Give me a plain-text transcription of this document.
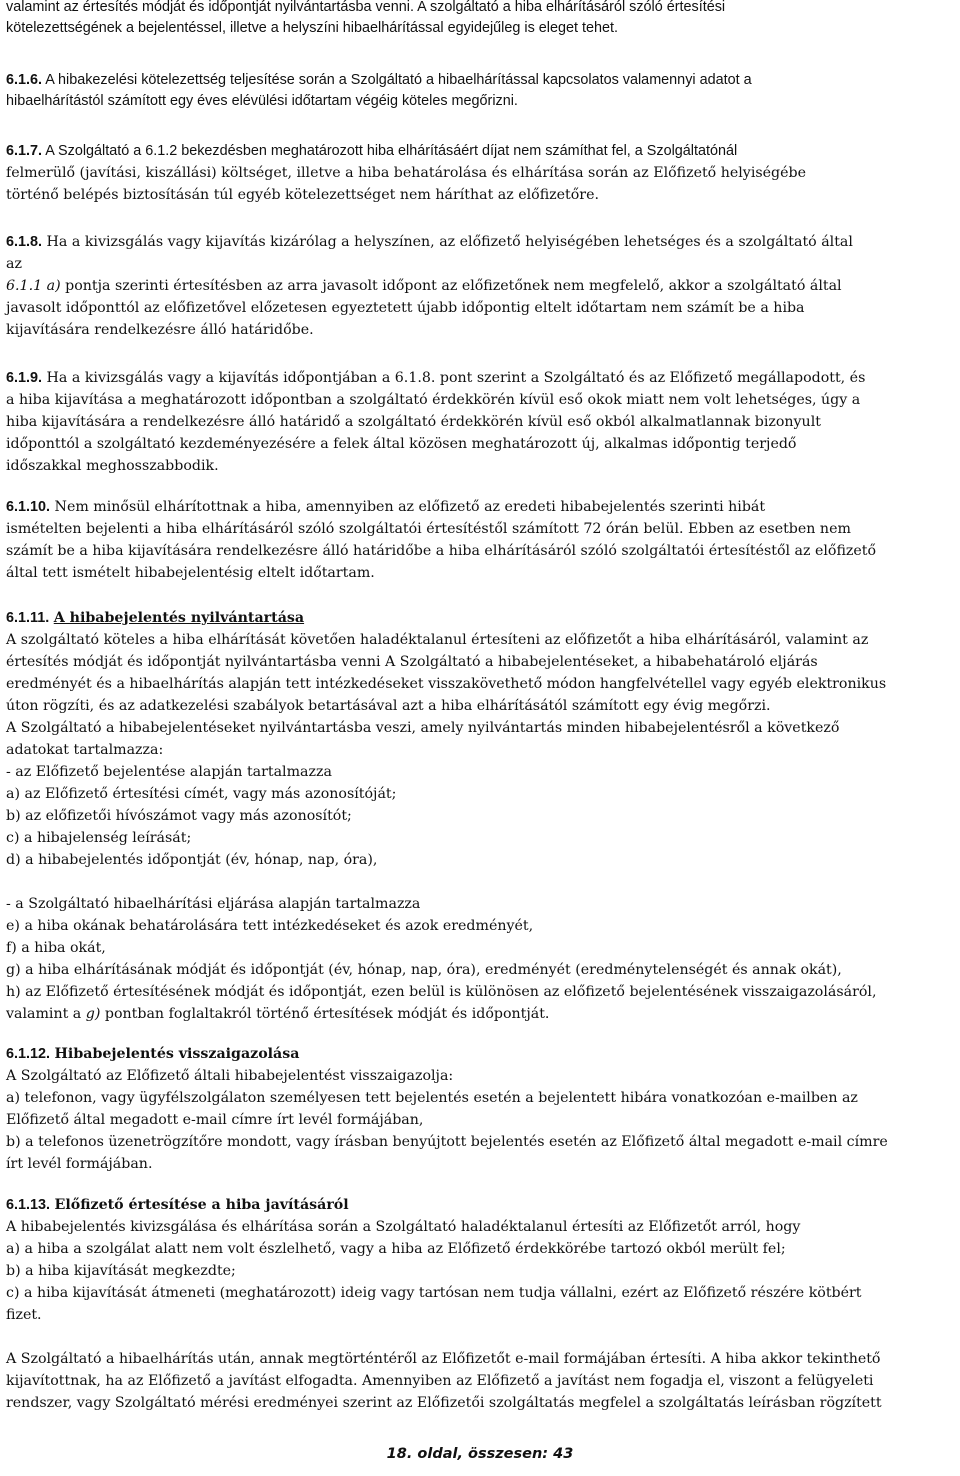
valamint az értesítés módját és időpontját nyilvántartásba venni. A szolgáltató a hiba elhárításáról szóló értesítési

kötelezettségének a bejelentéssel, illetve a helyszíni hibaelhárítással egyidejűleg is eleget tehet.

6.1.6. A hibakezelési kötelezettség teljesítése során a Szolgáltató a hibaelhárítással kapcsolatos valamennyi adatot a

hibaelhárítástól számított egy éves elévülési időtartam végéig köteles megőrizni.

6.1.7. A Szolgáltató a 6.1.2 bekezdésben meghatározott hiba elhárításáért díjat nem számíthat fel, a Szolgáltatónál

felmerülő (javítási, kiszállási) költséget, illetve a hiba behatárolása és elhárítása során az Előfizető helyiségébe

történő belépés biztosításán túl egyéb kötelezettséget nem háríthat az előfizetőre.

6.1.8. Ha a kivizsgálás vagy kijavítás kizárólag a helyszínen, az előfizető helyiségében lehetséges és a szolgáltató által

az

6.1.1 a) pontja szerinti értesítésben az arra javasolt időpont az előfizetőnek nem megfelelő, akkor a szolgáltató által

javasolt időponttól az előfizetővel előzetesen egyeztetett újabb időpontig eltelt időtartam nem számít be a hiba

kijavítására rendelkezésre álló határidőbe.

6.1.9. Ha a kivizsgálás vagy a kijavítás időpontjában a 6.1.8. pont szerint a Szolgáltató és az Előfizető megállapodott, és

a hiba kijavítása a meghatározott időpontban a szolgáltató érdekkörén kívül eső okok miatt nem volt lehetséges, úgy a

hiba kijavítására a rendelkezésre álló határidő a szolgáltató érdekkörén kívül eső okból alkalmatlannak bizonyult

időponttól a szolgáltató kezdeményezésére a felek által közösen meghatározott új, alkalmas időpontig terjedő

időszakkal meghosszabbodik.

6.1.10. Nem minősül elhárítottnak a hiba, amennyiben az előfizető az eredeti hibabejelentés szerinti hibát

ismételten bejelenti a hiba elhárításáról szóló szolgáltatói értesítéstől számított 72 órán belül. Ebben az esetben nem

számít be a hiba kijavítására rendelkezésre álló határidőbe a hiba elhárításáról szóló szolgáltatói értesítéstől az előfizető

által tett ismételt hibabejelentésig eltelt időtartam.

6.1.11. A hibabejelentés nyilvántartása

A szolgáltató köteles a hiba elhárítását követően haladéktalanul értesíteni az előfizetőt a hiba elhárításáról, valamint az

értesítés módját és időpontját nyilvántartásba venni A Szolgáltató a hibabejelentéseket, a hibabehatároló eljárás

eredményét és a hibaelhárítás alapján tett intézkedéseket visszakövethető módon hangfelvétellel vagy egyéb elektronikus

úton rögzíti, és az adatkezelési szabályok betartásával azt a hiba elhárításától számított egy évig megőrzi.

A Szolgáltató a hibabejelentéseket nyilvántartásba veszi, amely nyilvántartás minden hibabejelentésről a következő

adatokat tartalmazza:

- az Előfizető bejelentése alapján tartalmazza

a) az Előfizető értesítési címét, vagy más azonosítóját;

b) az előfizetői hívószámot vagy más azonosítót;

c) a hibajelenség leírását;

d) a hibabejelentés időpontját (év, hónap, nap, óra),

- a Szolgáltató hibaelhárítási eljárása alapján tartalmazza

e) a hiba okának behatárolására tett intézkedéseket és azok eredményét,

f) a hiba okát,

g) a hiba elhárításának módját és időpontját (év, hónap, nap, óra), eredményét (eredménytelenségét és annak okát),

h) az Előfizető értesítésének módját és időpontját, ezen belül is különösen az előfizető bejelentésének visszaigazolásáról,

valamint a g) pontban foglaltakról történő értesítések módját és időpontját.

6.1.12. Hibabejelentés visszaigazolása

A Szolgáltató az Előfizető általi hibabejelentést visszaigazolja:

a) telefonon, vagy ügyfélszolgálaton személyesen tett bejelentés esetén a bejelentett hibára vonatkozóan e-mailben az

Előfizető által megadott e-mail címre írt levél formájában,

b) a telefonos üzenetrögzítőre mondott, vagy írásban benyújtott bejelentés esetén az Előfizető által megadott e-mail címre

írt levél formájában.

6.1.13. Előfizető értesítése a hiba javításáról

A hibabejelentés kivizsgálása és elhárítása során a Szolgáltató haladéktalanul értesíti az Előfizetőt arról, hogy

a) a hiba a szolgálat alatt nem volt észlelhető, vagy a hiba az Előfizető érdekkörébe tartozó okból merült fel;

b) a hiba kijavítását megkezdte;

c) a hiba kijavítását átmeneti (meghatározott) ideig vagy tartósan nem tudja vállalni, ezért az Előfizető részére kötbért

fizet.

A Szolgáltató a hibaelhárítás után, annak megtörténtéről az Előfizetőt e-mail formájában értesíti. A hiba akkor tekinthető

kijavítottnak, ha az Előfizető a javítást elfogadta. Amennyiben az Előfizető a javítást nem fogadja el, viszont a felügyeleti

rendszer, vagy Szolgáltató mérési eredményei szerint az Előfizetői szolgáltatás megfelel a szolgáltatás leírásban rögzített

18. oldal, összesen: 43
